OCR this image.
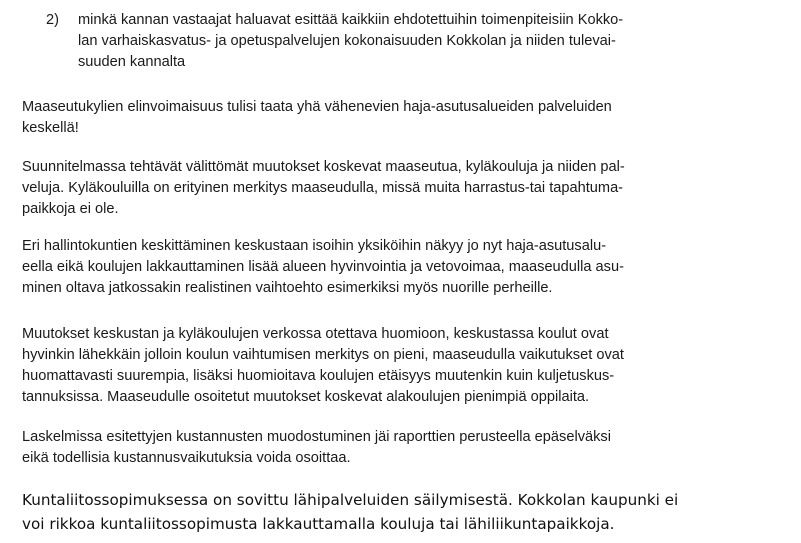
2)	minkä kannan vastaajat haluavat esittää kaikkiin ehdotettuihin toimenpiteisiin Kokko-
lan varhaiskasvatus- ja opetuspalvelujen kokonaisuuden Kokkolan ja niiden tulevai-
suuden kannalta

Maaseutukylien elinvoimaisuus tulisi taata yhä vähenevien haja-asutusalueiden palveluiden
keskellä!

Suunnitelmassa tehtävät välittömät muutokset koskevat maaseutua, kyläkouluja ja niiden pal-
veluja. Kyläkouluilla on erityinen merkitys maaseudulla, missä muita harrastus-tai tapahtuma-
paikkoja ei ole.

Eri hallintokuntien keskittäminen keskustaan isoihin yksiköihin näkyy jo nyt haja-asutusalu-
eella eikä koulujen lakkauttaminen lisää alueen hyvinvointia ja vetovoimaa, maaseudulla asu-
minen oltava jatkossakin realistinen vaihtoehto esimerkiksi myös nuorille perheille.

Muutokset keskustan ja kyläkoulujen verkossa otettava huomioon, keskustassa koulut ovat
hyvinkin lähekkäin jolloin koulun vaihtumisen merkitys on pieni, maaseudulla vaikutukset ovat
huomattavasti suurempia, lisäksi huomioitava koulujen etäisyys muutenkin kuin kuljetuskus-
tannuksissa. Maaseudulle osoitetut muutokset koskevat alakoulujen pienimpiä oppilaita.

Laskelmissa esitettyjen kustannusten muodostuminen jäi raporttien perusteella epäselväksi
eikä todellisia kustannusvaikutuksia voida osoittaa.

Kuntaliitossopimuksessa on sovittu lähipalveluiden säilymisestä. Kokkolan kaupunki ei
voi rikkoa kuntaliitossopimusta lakkauttamalla kouluja tai lähiliikuntapaikkoja.
